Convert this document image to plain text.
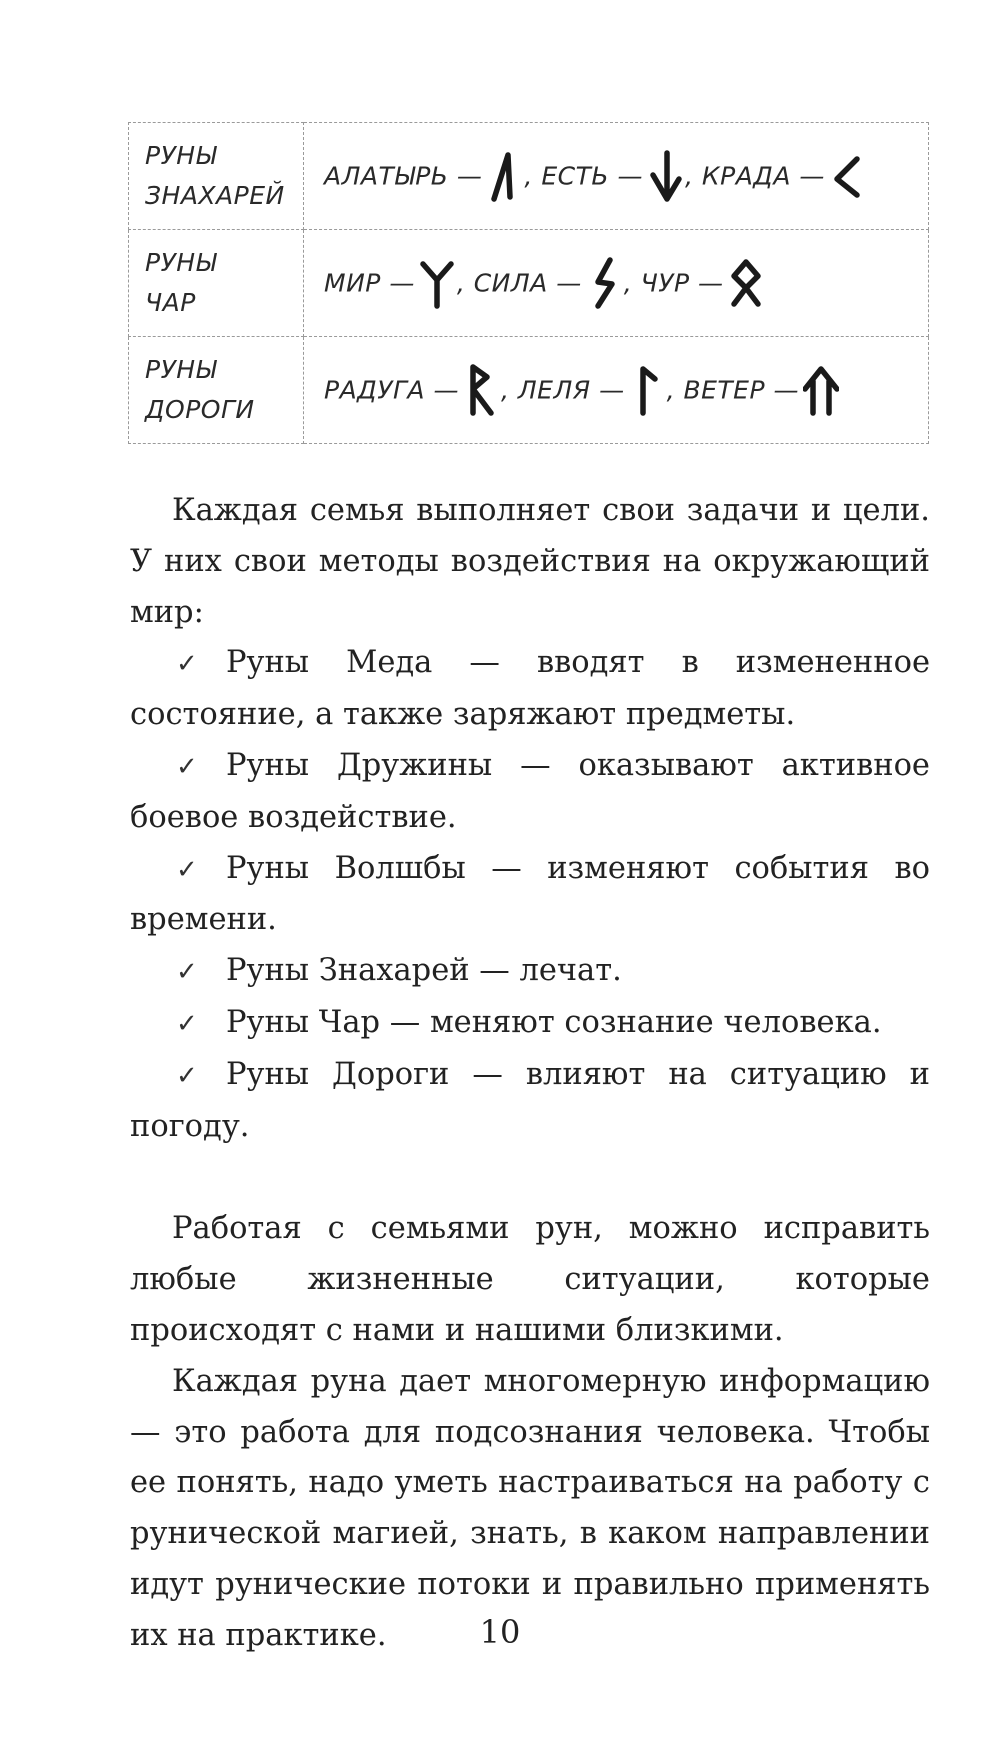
РУНЫ
ЗНАХАРЕЙ	АЛАТЫРЬ — , ЕСТЬ — , КРАДА —

РУНЫ
ЧАР	МИР — , СИЛА — , ЧУР —

РУНЫ
ДОРОГИ	РАДУГА — , ЛЕЛЯ — , ВЕТЕР —

Каждая семья выполняет свои задачи и цели. У них свои методы воздействия на окружающий мир:

✓ Руны Меда — вводят в измененное состояние, а также заряжают предметы.

✓ Руны Дружины — оказывают активное боевое воздействие.

✓ Руны Волшбы — изменяют события во времени.

✓ Руны Знахарей — лечат.

✓ Руны Чар — меняют сознание человека.

✓ Руны Дороги — влияют на ситуацию и погоду.

Работая с семьями рун, можно исправить любые жизненные ситуации, которые происходят с нами и нашими близкими.

Каждая руна дает многомерную информацию — это работа для подсознания человека. Чтобы ее понять, надо уметь настраиваться на работу с рунической магией, знать, в каком направлении идут рунические потоки и правильно применять их на практике.	10
